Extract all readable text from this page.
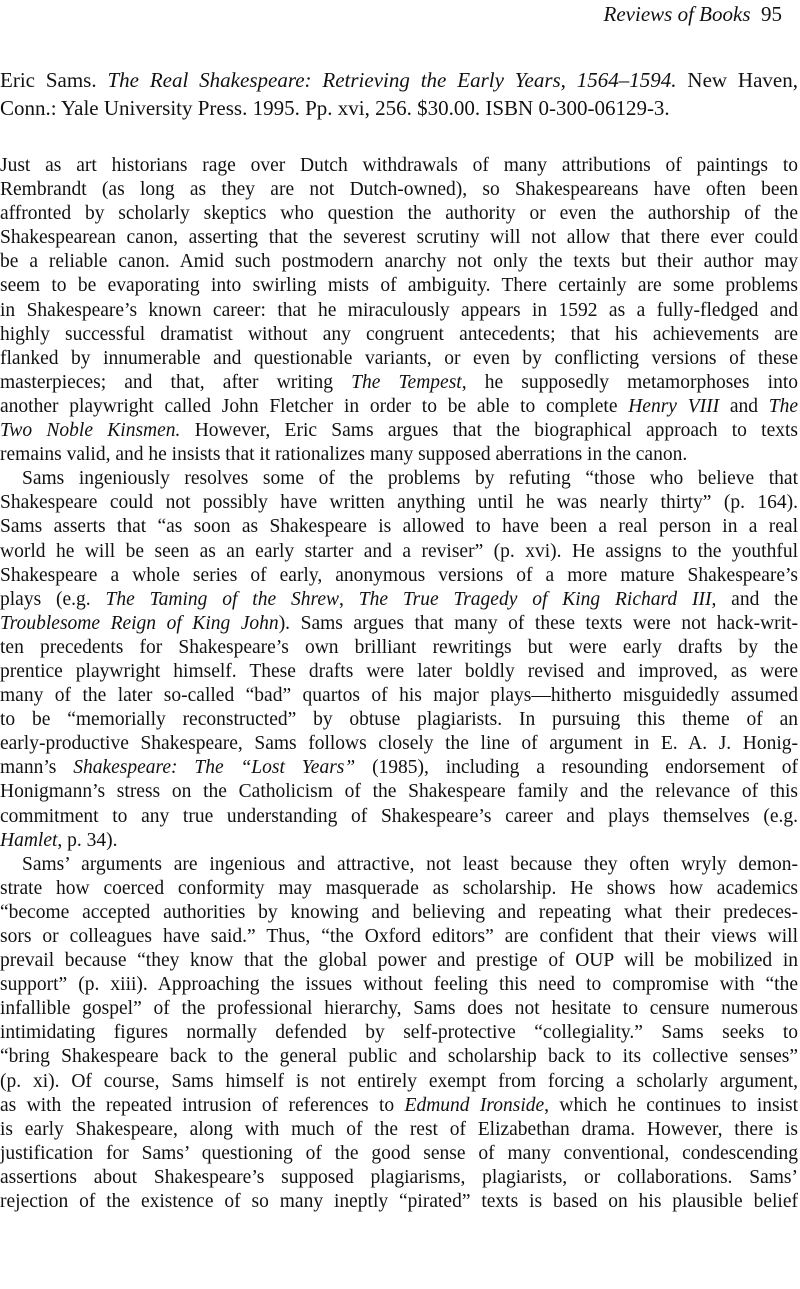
Reviews of Books 95
Eric Sams. The Real Shakespeare: Retrieving the Early Years, 1564–1594. New Haven,
Conn.: Yale University Press. 1995. Pp. xvi, 256. $30.00. ISBN 0-300-06129-3.
Just as art historians rage over Dutch withdrawals of many attributions of paintings to
Rembrandt (as long as they are not Dutch-owned), so Shakespeareans have often been
affronted by scholarly skeptics who question the authority or even the authorship of the
Shakespearean canon, asserting that the severest scrutiny will not allow that there ever could
be a reliable canon. Amid such postmodern anarchy not only the texts but their author may
seem to be evaporating into swirling mists of ambiguity. There certainly are some problems
in Shakespeare’s known career: that he miraculously appears in 1592 as a fully-fledged and
highly successful dramatist without any congruent antecedents; that his achievements are
flanked by innumerable and questionable variants, or even by conflicting versions of these
masterpieces; and that, after writing The Tempest, he supposedly metamorphoses into
another playwright called John Fletcher in order to be able to complete Henry VIII and The
Two Noble Kinsmen. However, Eric Sams argues that the biographical approach to texts
remains valid, and he insists that it rationalizes many supposed aberrations in the canon.
Sams ingeniously resolves some of the problems by refuting “those who believe that
Shakespeare could not possibly have written anything until he was nearly thirty” (p. 164).
Sams asserts that “as soon as Shakespeare is allowed to have been a real person in a real
world he will be seen as an early starter and a reviser” (p. xvi). He assigns to the youthful
Shakespeare a whole series of early, anonymous versions of a more mature Shakespeare’s
plays (e.g. The Taming of the Shrew, The True Tragedy of King Richard III, and the
Troublesome Reign of King John). Sams argues that many of these texts were not hack-writ-
ten precedents for Shakespeare’s own brilliant rewritings but were early drafts by the
prentice playwright himself. These drafts were later boldly revised and improved, as were
many of the later so-called “bad” quartos of his major plays—hitherto misguidedly assumed
to be “memorially reconstructed” by obtuse plagiarists. In pursuing this theme of an
early-productive Shakespeare, Sams follows closely the line of argument in E. A. J. Honig-
mann’s Shakespeare: The “Lost Years” (1985), including a resounding endorsement of
Honigmann’s stress on the Catholicism of the Shakespeare family and the relevance of this
commitment to any true understanding of Shakespeare’s career and plays themselves (e.g.
Hamlet, p. 34).
Sams’ arguments are ingenious and attractive, not least because they often wryly demon-
strate how coerced conformity may masquerade as scholarship. He shows how academics
“become accepted authorities by knowing and believing and repeating what their predeces-
sors or colleagues have said.” Thus, “the Oxford editors” are confident that their views will
prevail because “they know that the global power and prestige of OUP will be mobilized in
support” (p. xiii). Approaching the issues without feeling this need to compromise with “the
infallible gospel” of the professional hierarchy, Sams does not hesitate to censure numerous
intimidating figures normally defended by self-protective “collegiality.” Sams seeks to
“bring Shakespeare back to the general public and scholarship back to its collective senses”
(p. xi). Of course, Sams himself is not entirely exempt from forcing a scholarly argument,
as with the repeated intrusion of references to Edmund Ironside, which he continues to insist
is early Shakespeare, along with much of the rest of Elizabethan drama. However, there is
justification for Sams’ questioning of the good sense of many conventional, condescending
assertions about Shakespeare’s supposed plagiarisms, plagiarists, or collaborations. Sams’
rejection of the existence of so many ineptly “pirated” texts is based on his plausible belief
